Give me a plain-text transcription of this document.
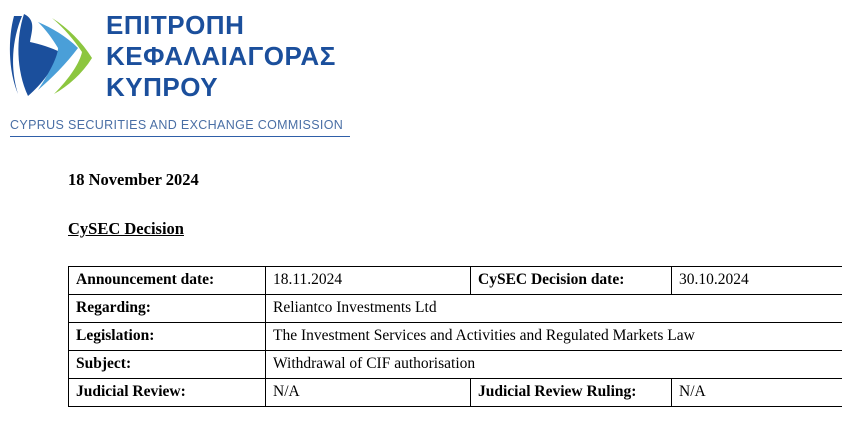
ΕΠΙΤΡΟΠΗ
ΚΕΦΑΛΑΙΑΓΟΡΑΣ
ΚΥΠΡΟΥ
CYPRUS SECURITIES AND EXCHANGE COMMISSION
18 November 2024
CySEC Decision
Announcement date:	18.11.2024	CySEC Decision date:	30.10.2024
Regarding:	Reliantco Investments Ltd		
Legislation:	The Investment Services and Activities and Regulated Markets Law		
Subject:	Withdrawal of CIF authorisation		
Judicial Review:	N/A	Judicial Review Ruling:	N/A
